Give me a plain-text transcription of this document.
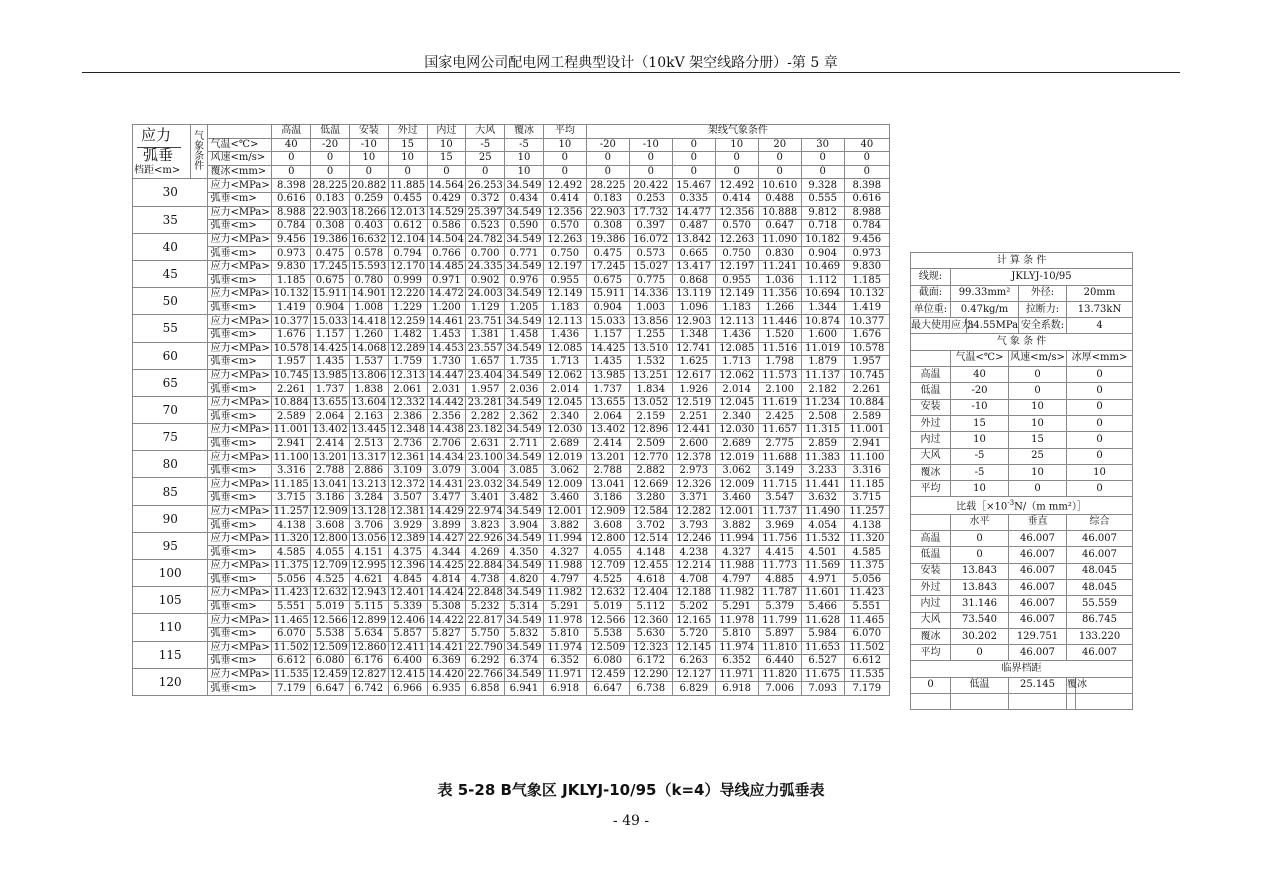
国家电网公司配电网工程典型设计（10kV 架空线路分册）-第 5 章
应力
弧垂
档距<m>	气象条件		高温	低温	安装	外过	内过	大风	覆冰	平均	架线气象条件						
		气温<℃>	40	-20	-10	15	10	-5	-5	10	-20	-10	0	10	20	30	40
		风速<m/s>	0	0	10	10	15	25	10	0	0	0	0	0	0	0	0
		覆冰<mm>	0	0	0	0	0	0	10	0	0	0	0	0	0	0	0
30		应力<MPa>	8.398	28.225	20.882	11.885	14.564	26.253	34.549	12.492	28.225	20.422	15.467	12.492	10.610	9.328	8.398
		弧垂<m>	0.616	0.183	0.259	0.455	0.429	0.372	0.434	0.414	0.183	0.253	0.335	0.414	0.488	0.555	0.616
35		应力<MPa>	8.988	22.903	18.266	12.013	14.529	25.397	34.549	12.356	22.903	17.732	14.477	12.356	10.888	9.812	8.988
		弧垂<m>	0.784	0.308	0.403	0.612	0.586	0.523	0.590	0.570	0.308	0.397	0.487	0.570	0.647	0.718	0.784
40		应力<MPa>	9.456	19.386	16.632	12.104	14.504	24.782	34.549	12.263	19.386	16.072	13.842	12.263	11.090	10.182	9.456
		弧垂<m>	0.973	0.475	0.578	0.794	0.766	0.700	0.771	0.750	0.475	0.573	0.665	0.750	0.830	0.904	0.973
45		应力<MPa>	9.830	17.245	15.593	12.170	14.485	24.335	34.549	12.197	17.245	15.027	13.417	12.197	11.241	10.469	9.830
		弧垂<m>	1.185	0.675	0.780	0.999	0.971	0.902	0.976	0.955	0.675	0.775	0.868	0.955	1.036	1.112	1.185
50		应力<MPa>	10.132	15.911	14.901	12.220	14.472	24.003	34.549	12.149	15.911	14.336	13.119	12.149	11.356	10.694	10.132
		弧垂<m>	1.419	0.904	1.008	1.229	1.200	1.129	1.205	1.183	0.904	1.003	1.096	1.183	1.266	1.344	1.419
55		应力<MPa>	10.377	15.033	14.418	12.259	14.461	23.751	34.549	12.113	15.033	13.856	12.903	12.113	11.446	10.874	10.377
		弧垂<m>	1.676	1.157	1.260	1.482	1.453	1.381	1.458	1.436	1.157	1.255	1.348	1.436	1.520	1.600	1.676
60		应力<MPa>	10.578	14.425	14.068	12.289	14.453	23.557	34.549	12.085	14.425	13.510	12.741	12.085	11.516	11.019	10.578
		弧垂<m>	1.957	1.435	1.537	1.759	1.730	1.657	1.735	1.713	1.435	1.532	1.625	1.713	1.798	1.879	1.957
65		应力<MPa>	10.745	13.985	13.806	12.313	14.447	23.404	34.549	12.062	13.985	13.251	12.617	12.062	11.573	11.137	10.745
		弧垂<m>	2.261	1.737	1.838	2.061	2.031	1.957	2.036	2.014	1.737	1.834	1.926	2.014	2.100	2.182	2.261
70		应力<MPa>	10.884	13.655	13.604	12.332	14.442	23.281	34.549	12.045	13.655	13.052	12.519	12.045	11.619	11.234	10.884
		弧垂<m>	2.589	2.064	2.163	2.386	2.356	2.282	2.362	2.340	2.064	2.159	2.251	2.340	2.425	2.508	2.589
75		应力<MPa>	11.001	13.402	13.445	12.348	14.438	23.182	34.549	12.030	13.402	12.896	12.441	12.030	11.657	11.315	11.001
		弧垂<m>	2.941	2.414	2.513	2.736	2.706	2.631	2.711	2.689	2.414	2.509	2.600	2.689	2.775	2.859	2.941
80		应力<MPa>	11.100	13.201	13.317	12.361	14.434	23.100	34.549	12.019	13.201	12.770	12.378	12.019	11.688	11.383	11.100
		弧垂<m>	3.316	2.788	2.886	3.109	3.079	3.004	3.085	3.062	2.788	2.882	2.973	3.062	3.149	3.233	3.316
85		应力<MPa>	11.185	13.041	13.213	12.372	14.431	23.032	34.549	12.009	13.041	12.669	12.326	12.009	11.715	11.441	11.185
		弧垂<m>	3.715	3.186	3.284	3.507	3.477	3.401	3.482	3.460	3.186	3.280	3.371	3.460	3.547	3.632	3.715
90		应力<MPa>	11.257	12.909	13.128	12.381	14.429	22.974	34.549	12.001	12.909	12.584	12.282	12.001	11.737	11.490	11.257
		弧垂<m>	4.138	3.608	3.706	3.929	3.899	3.823	3.904	3.882	3.608	3.702	3.793	3.882	3.969	4.054	4.138
95		应力<MPa>	11.320	12.800	13.056	12.389	14.427	22.926	34.549	11.994	12.800	12.514	12.246	11.994	11.756	11.532	11.320
		弧垂<m>	4.585	4.055	4.151	4.375	4.344	4.269	4.350	4.327	4.055	4.148	4.238	4.327	4.415	4.501	4.585
100		应力<MPa>	11.375	12.709	12.995	12.396	14.425	22.884	34.549	11.988	12.709	12.455	12.214	11.988	11.773	11.569	11.375
		弧垂<m>	5.056	4.525	4.621	4.845	4.814	4.738	4.820	4.797	4.525	4.618	4.708	4.797	4.885	4.971	5.056
105		应力<MPa>	11.423	12.632	12.943	12.401	14.424	22.848	34.549	11.982	12.632	12.404	12.188	11.982	11.787	11.601	11.423
		弧垂<m>	5.551	5.019	5.115	5.339	5.308	5.232	5.314	5.291	5.019	5.112	5.202	5.291	5.379	5.466	5.551
110		应力<MPa>	11.465	12.566	12.899	12.406	14.422	22.817	34.549	11.978	12.566	12.360	12.165	11.978	11.799	11.628	11.465
		弧垂<m>	6.070	5.538	5.634	5.857	5.827	5.750	5.832	5.810	5.538	5.630	5.720	5.810	5.897	5.984	6.070
115		应力<MPa>	11.502	12.509	12.860	12.411	14.421	22.790	34.549	11.974	12.509	12.323	12.145	11.974	11.810	11.653	11.502
		弧垂<m>	6.612	6.080	6.176	6.400	6.369	6.292	6.374	6.352	6.080	6.172	6.263	6.352	6.440	6.527	6.612
120		应力<MPa>	11.535	12.459	12.827	12.415	14.420	22.766	34.549	11.971	12.459	12.290	12.127	11.971	11.820	11.675	11.535
		弧垂<m>	7.179	6.647	6.742	6.966	6.935	6.858	6.941	6.918	6.647	6.738	6.829	6.918	7.006	7.093	7.179
计 算 条 件						
线规:	JKLYJ-10/95					
截面:	99.33mm²			外径:	20mm	
单位重:	0.47kg/m			拉断力:	13.73kN	
最大使用应力:		34.55MPa		安全系数:	4	
气 象 条 件						
	气温<℃>		风速<m/s>		冰厚<mm>	
高温	40		0		0	
低温	-20		0		0	
安装	-10		10		0	
外过	15		10		0	
内过	10		15		0	
大风	-5		25		0	
覆冰	-5		10		10	
平均	10		0		0	
比载$[\times 10^{-3}N/(m$ mm²）］						
	水平		垂直		综合	
高温	0		46.007		46.007	
低温	0		46.007		46.007	
安装	13.843		46.007		48.045	
外过	13.843		46.007		48.045	
内过	31.146		46.007		55.559	
大风	73.540		46.007		86.745	
覆冰	30.202		129.751		133.220	
平均	0		46.007		46.007	
临界档距						
0	低温		25.145		覆冰	

表 5-28 B气象区 JKLYJ-10/95（k=4）导线应力弧垂表
- 49 -
